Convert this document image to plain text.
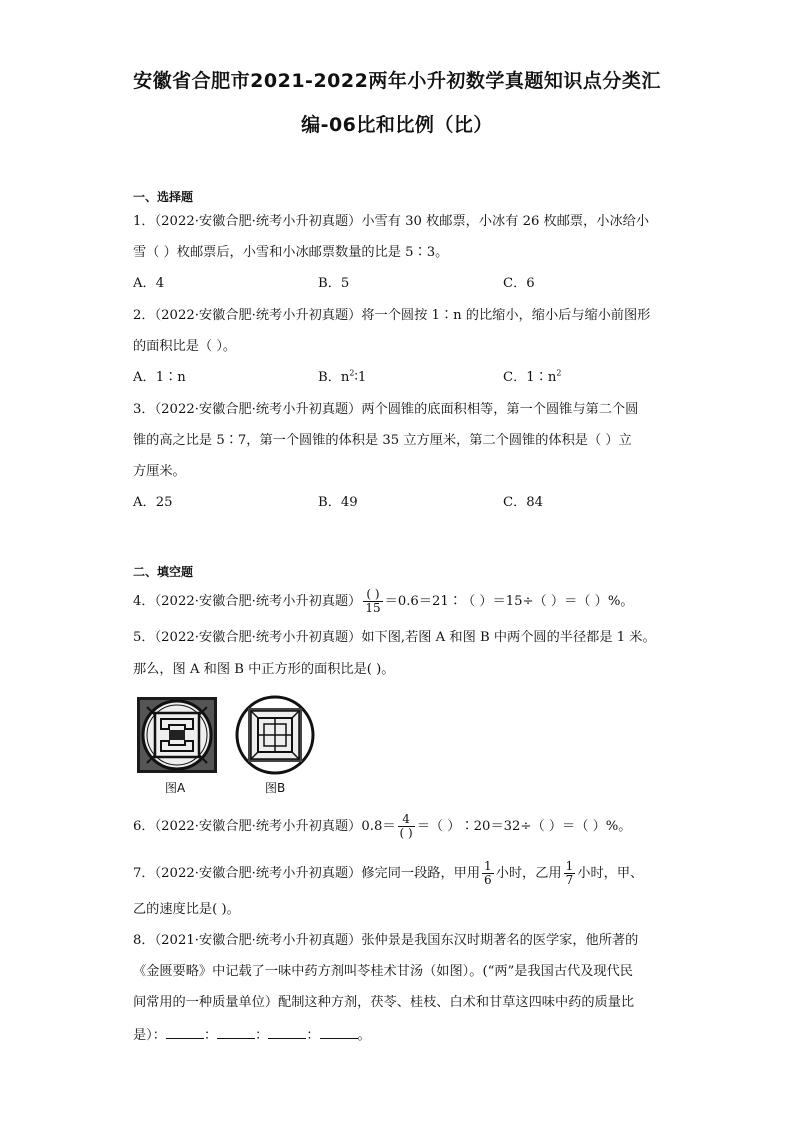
安徽省合肥市2021-2022两年小升初数学真题知识点分类汇
编-06比和比例（比）
一、选择题
1．（2022·安徽合肥·统考小升初真题）小雪有 30 枚邮票，小冰有 26 枚邮票，小冰给小
雪（ ）枚邮票后，小雪和小冰邮票数量的比是 5∶3。
A．4	B．5	C．6
2．（2022·安徽合肥·统考小升初真题）将一个圆按 1∶n 的比缩小，缩小后与缩小前图形
的面积比是（ ）。
A．1∶n	B．$n^2∶1$	C．$1∶n^2$
3．（2022·安徽合肥·统考小升初真题）两个圆锥的底面积相等，第一个圆锥与第二个圆
锥的高之比是 5∶7，第一个圆锥的体积是 35 立方厘米，第二个圆锥的体积是（ ）立
方厘米。
A．25	B．49	C．84
二、填空题
4．（2022·安徽合肥·统考小升初真题） $\frac{( )}{15}$ ＝0.6＝21∶（ ）＝15÷（ ）＝（ ）%。
5．（2022·安徽合肥·统考小升初真题）如下图,若图 A 和图 B 中两个圆的半径都是 1 米。
那么，图 A 和图 B 中正方形的面积比是( )。
图A	图B
6．（2022·安徽合肥·统考小升初真题）$0.8= \frac{4}{( )}$ ＝（ ）∶20＝32÷（ ）＝（ ）%。
7．（2022·安徽合肥·统考小升初真题）修完同一段路，甲用 $\frac{1}{6}$ 小时，乙用 $\frac{1}{7}$ 小时，甲、
乙的速度比是( )。
8．（2021·安徽合肥·统考小升初真题）张仲景是我国东汉时期著名的医学家，他所著的
《金匮要略》中记载了一味中药方剂叫苓桂术甘汤（如图）。(“两”是我国古代及现代民
间常用的一种质量单位）配制这种方剂，茯苓、桂枝、白术和甘草这四味中药的质量比
是）：	：	：	：	。
